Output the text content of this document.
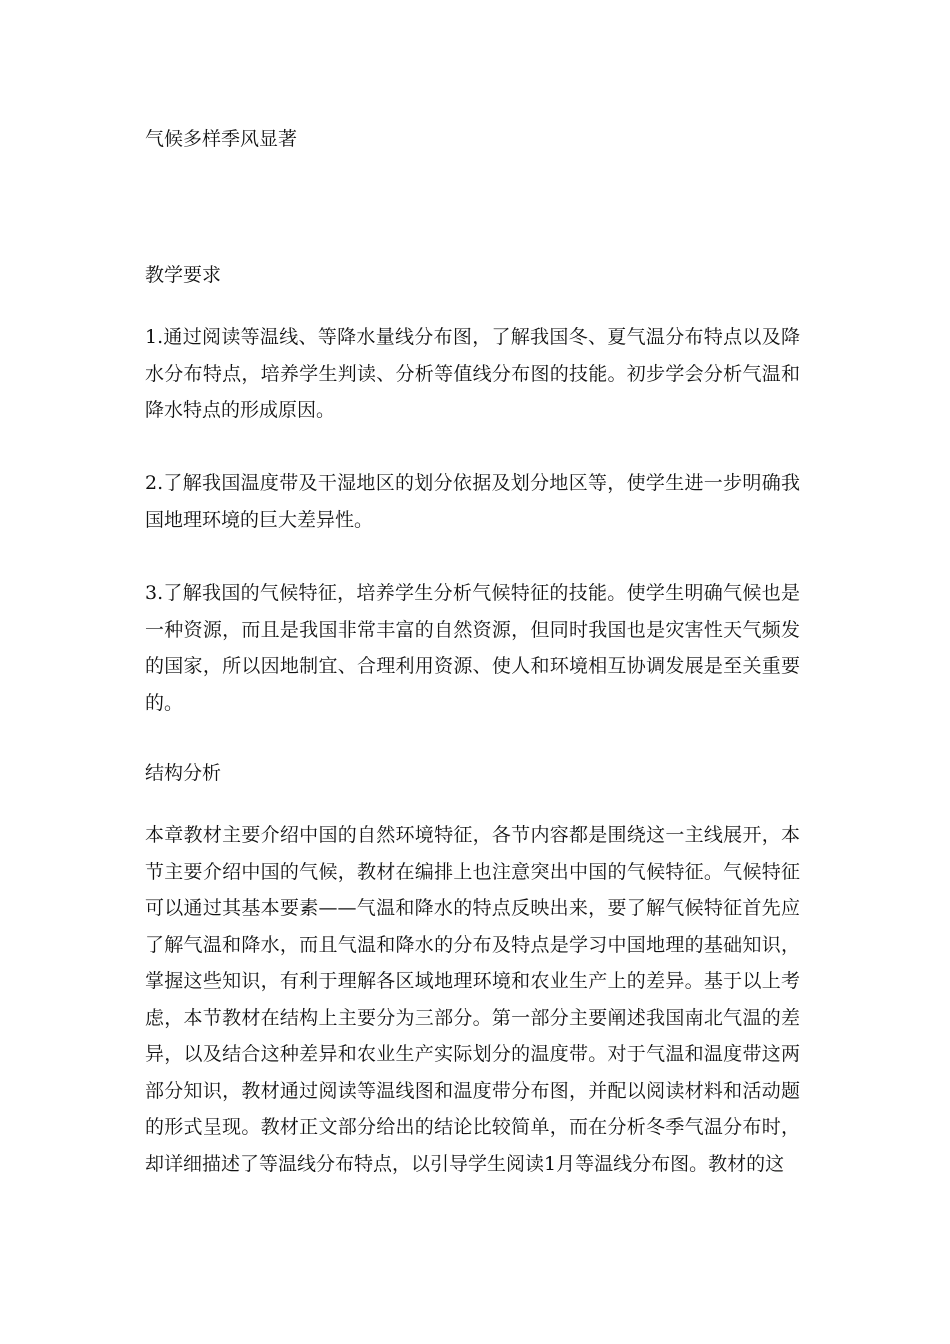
气候多样季风显著
教学要求

1.通过阅读等温线、等降水量线分布图，了解我国冬、夏气温分布特点以及降水分布特点，培养学生判读、分析等值线分布图的技能。初步学会分析气温和降水特点的形成原因。

2.了解我国温度带及干湿地区的划分依据及划分地区等，使学生进一步明确我国地理环境的巨大差异性。

3.了解我国的气候特征，培养学生分析气候特征的技能。使学生明确气候也是一种资源，而且是我国非常丰富的自然资源，但同时我国也是灾害性天气频发的国家，所以因地制宜、合理利用资源、使人和环境相互协调发展是至关重要的。

结构分析

本章教材主要介绍中国的自然环境特征，各节内容都是围绕这一主线展开，本节主要介绍中国的气候，教材在编排上也注意突出中国的气候特征。气候特征可以通过其基本要素——气温和降水的特点反映出来，要了解气候特征首先应了解气温和降水，而且气温和降水的分布及特点是学习中国地理的基础知识，掌握这些知识，有利于理解各区域地理环境和农业生产上的差异。基于以上考虑，本节教材在结构上主要分为三部分。第一部分主要阐述我国南北气温的差异，以及结合这种差异和农业生产实际划分的温度带。对于气温和温度带这两部分知识，教材通过阅读等温线图和温度带分布图，并配以阅读材料和活动题的形式呈现。教材正文部分给出的结论比较简单，而在分析冬季气温分布时，却详细描述了等温线分布特点，以引导学生阅读1月等温线分布图。教材的这
